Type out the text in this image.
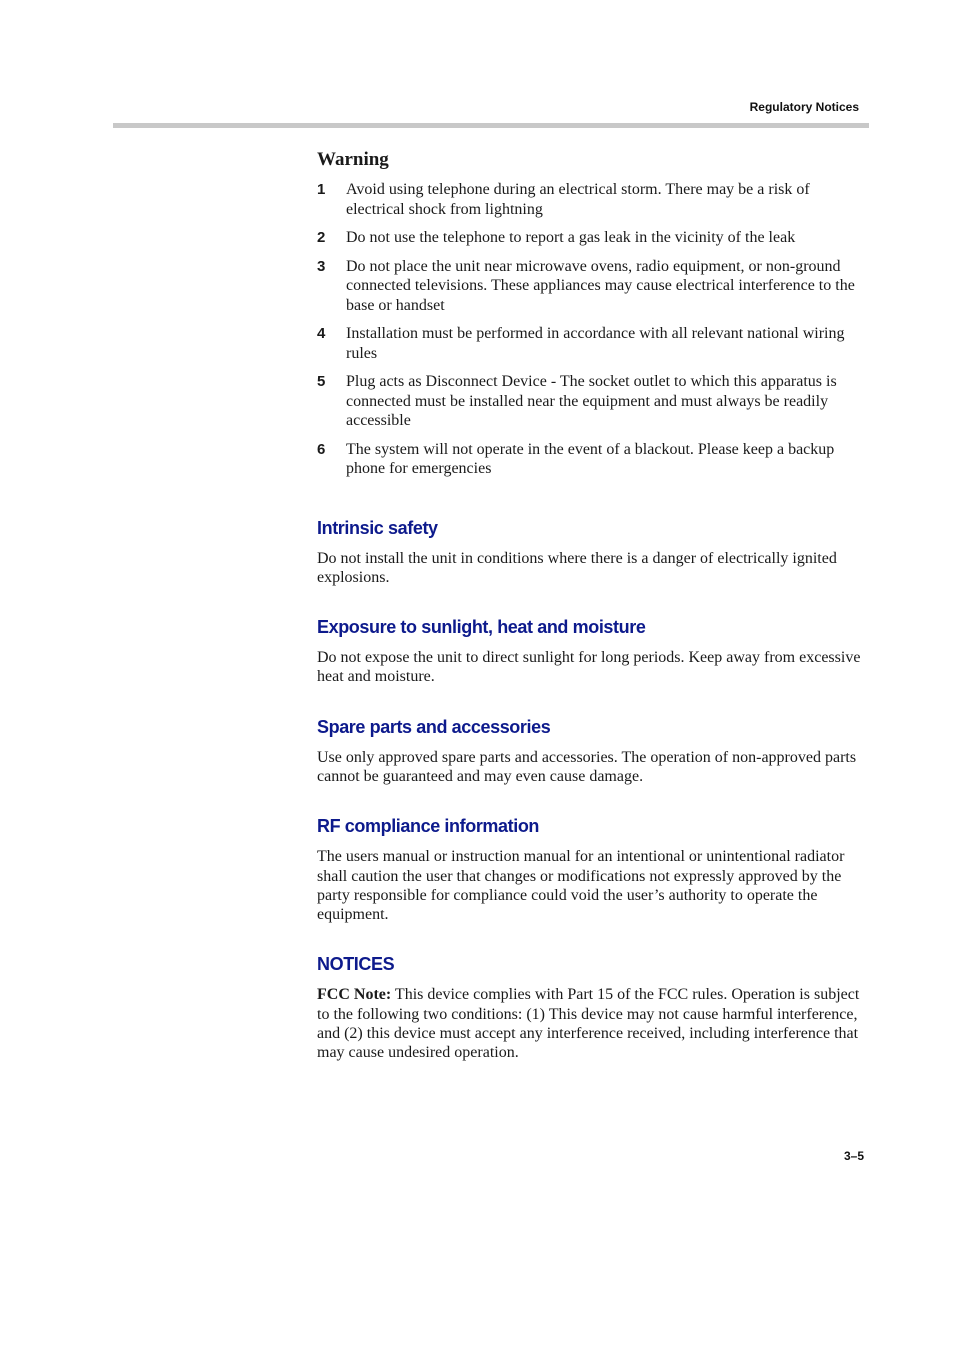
Regulatory Notices
Warning
1 Avoid using telephone during an electrical storm. There may be a risk of electrical shock from lightning
2 Do not use the telephone to report a gas leak in the vicinity of the leak
3 Do not place the unit near microwave ovens, radio equipment, or non-ground connected televisions. These appliances may cause electrical interference to the base or handset
4 Installation must be performed in accordance with all relevant national wiring rules
5 Plug acts as Disconnect Device - The socket outlet to which this apparatus is connected must be installed near the equipment and must always be readily accessible
6 The system will not operate in the event of a blackout. Please keep a backup phone for emergencies
Intrinsic safety

Do not install the unit in conditions where there is a danger of electrically ignited explosions.

Exposure to sunlight, heat and moisture

Do not expose the unit to direct sunlight for long periods. Keep away from excessive heat and moisture.

Spare parts and accessories

Use only approved spare parts and accessories. The operation of non-approved parts cannot be guaranteed and may even cause damage.

RF compliance information

The users manual or instruction manual for an intentional or unintentional radiator shall caution the user that changes or modifications not expressly approved by the party responsible for compliance could void the user’s authority to operate the equipment.

NOTICES

FCC Note: This device complies with Part 15 of the FCC rules. Operation is subject to the following two conditions: (1) This device may not cause harmful interference, and (2) this device must accept any interference received, including interference that may cause undesired operation.

3–5
